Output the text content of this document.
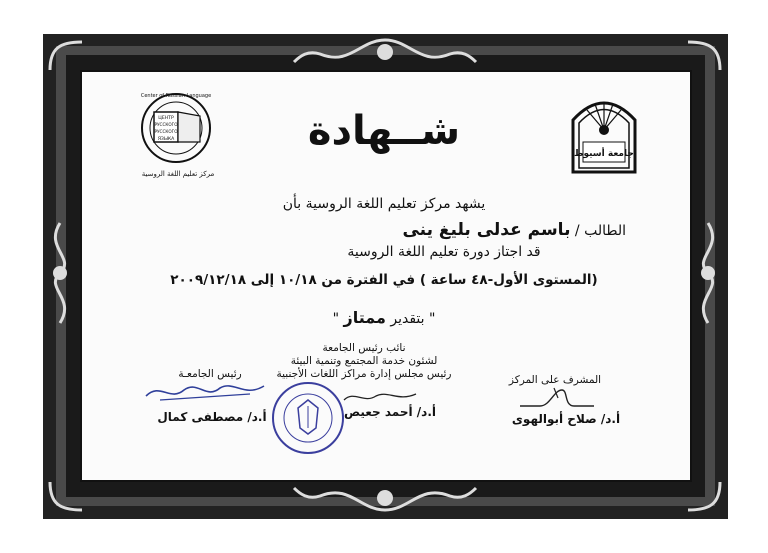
جامعة أسيوط
Center of Russian Language
ЦЕНТР
РУССКОГО
РУССКОГО
ЯЗЫКА
مركز تعليم اللغة الروسية
شــهادة
يشهد مركز تعليم اللغة الروسية بأن
الطالب / باسم عدلى بليغ ينى
قد اجتاز دورة تعليم اللغة الروسية
(المستوى الأول-٤٨ ساعة ) في الفترة من ١٠/١٨ إلى ٢٠٠٩/١٢/١٨
" بتقدير ممتاز "
نائب رئيس الجامعة
لشئون خدمة المجتمع وتنمية البيئة
رئيس مجلس إدارة مراكز اللغات الأجنبية
رئيس الجامعـة
أ.د/ مصطفى كمال	أ.د/ أحمد جعيص
المشرف على المركز
أ.د/ صلاح أبوالهوى
